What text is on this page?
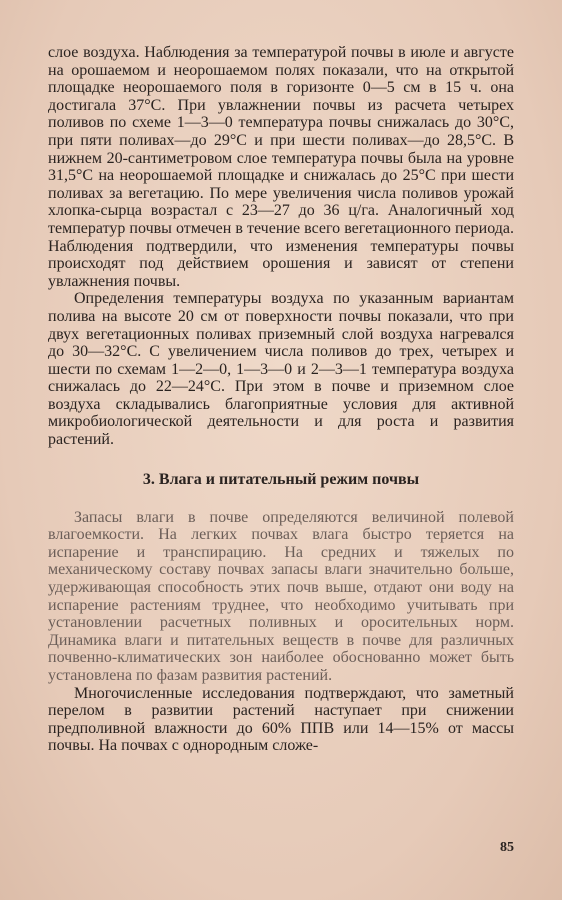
слое воздуха. Наблюдения за температурой почвы в июле и августе на орошаемом и неорошаемом полях показали, что на открытой площадке неорошаемого поля в горизонте 0—5 см в 15 ч. она достигала 37°С. При увлажнении почвы из расчета четырех поливов по схеме 1—3—0 температура почвы снижалась до 30°С, при пяти поливах—до 29°С и при шести поливах—до 28,5°С. В нижнем 20-сантиметровом слое температура почвы была на уровне 31,5°С на неорошаемой площадке и снижалась до 25°С при шести поливах за вегетацию. По мере увеличения числа поливов урожай хлопка-сырца возрастал с 23—27 до 36 ц/га. Аналогичный ход температур почвы отмечен в течение всего вегетационного периода. Наблюдения подтвердили, что изменения температуры почвы происходят под действием орошения и зависят от степени увлажнения почвы.

Определения температуры воздуха по указанным вариантам полива на высоте 20 см от поверхности почвы показали, что при двух вегетационных поливах приземный слой воздуха нагревался до 30—32°С. С увеличением числа поливов до трех, четырех и шести по схемам 1—2—0, 1—3—0 и 2—3—1 температура воздуха снижалась до 22—24°С. При этом в почве и приземном слое воздуха складывались благоприятные условия для активной микробиологической деятельности и для роста и развития растений.

3. Влага и питательный режим почвы

Запасы влаги в почве определяются величиной полевой влагоемкости. На легких почвах влага быстро теряется на испарение и транспирацию. На средних и тяжелых по механическому составу почвах запасы влаги значительно больше, удерживающая способность этих почв выше, отдают они воду на испарение растениям труднее, что необходимо учитывать при установлении расчетных поливных и оросительных норм. Динамика влаги и питательных веществ в почве для различных почвенно-климатических зон наиболее обоснованно может быть установлена по фазам развития растений.

Многочисленные исследования подтверждают, что заметный перелом в развитии растений наступает при снижении предполивной влажности до 60% ППВ или 14—15% от массы почвы. На почвах с однородным сложе-

85
